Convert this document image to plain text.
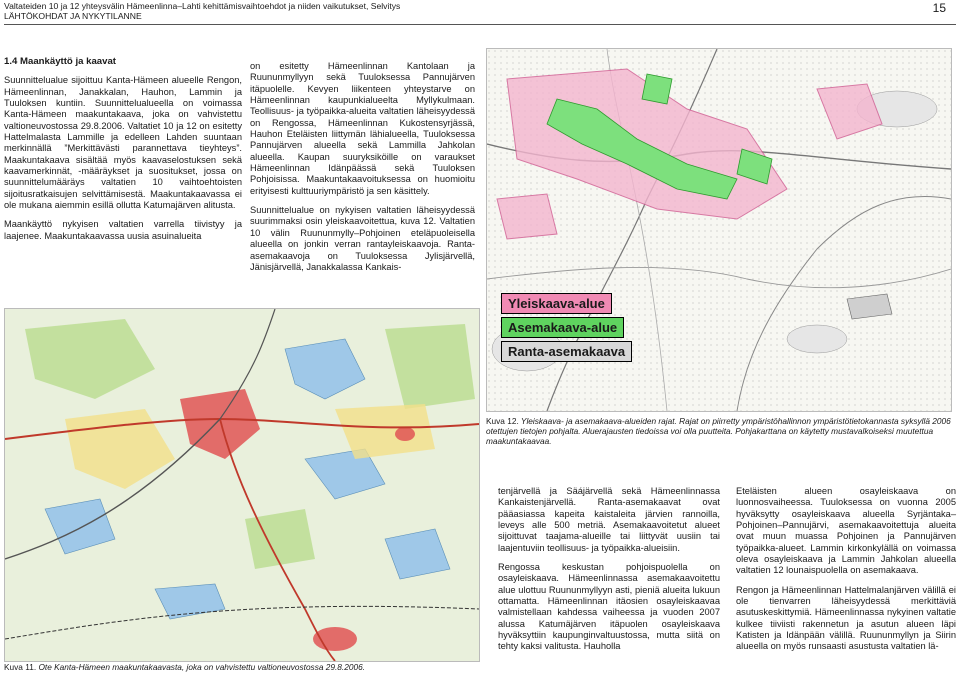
Valtateiden 10 ja 12 yhteysvälin Hämeenlinna–Lahti kehittämisvaihtoehdot ja niiden vaikutukset, Selvitys
LÄHTÖKOHDAT JA NYKYTILANNE
15
1.4 Maankäyttö ja kaavat

Suunnittelualue sijoittuu Kanta-Hämeen alueelle Rengon, Hämeenlinnan, Janakkalan, Hauhon, Lammin ja Tuuloksen kuntiin. Suunnittelualueella on voimassa Kanta-Hämeen maakuntakaava, joka on vahvistettu valtioneuvostossa 29.8.2006. Valtatiet 10 ja 12 on esitetty Hattelmalasta Lammille ja edelleen Lahden suuntaan merkinnällä ”Merkittävästi parannettava tieyhteys”. Maakuntakaava sisältää myös kaavaselostuksen sekä kaavamerkinnät, -määräykset ja suositukset, jossa on suunnittelumääräys valtatien 10 vaihtoehtoisten sijoitusratkaisujen selvittämisestä. Maakuntakaavassa ei ole mukana aiemmin esillä ollutta Katumajärven alitusta.

Maankäyttö nykyisen valtatien varrella tiivistyy ja laajenee. Maakuntakaavassa uusia asuinalueita

on esitetty Hämeenlinnan Kantolaan ja Ruununmyllyyn sekä Tuuloksessa Pannujärven itäpuolelle. Kevyen liikenteen yhteystarve on Hämeenlinnan kaupunkialueelta Myllykulmaan. Teollisuus- ja työpaikka-alueita valtatien läheisyydessä on Rengossa, Hämeenlinnan Kukostensyrjässä, Hauhon Eteläisten liittymän lähialueella, Tuuloksessa Pannujärven alueella sekä Lammilla Jahkolan alueella. Kaupan suuryksiköille on varaukset Hämeenlinnan Idänpäässä sekä Tuuloksen Pohjoisissa. Maakuntakaavoituksessa on huomioitu erityisesti kulttuuriympäristö ja sen käsittely.

Suunnittelualue on nykyisen valtatien läheisyydessä suurimmaksi osin yleiskaavoitettua, kuva 12. Valtatien 10 välin Ruununmylly–Pohjoinen eteläpuoleisella alueella on jonkin verran rantayleiskaavoja. Ranta-asemakaavoja on Tuuloksessa Jylisjärvellä, Jänisjärvellä, Janakkalassa Kankais-

Yleiskaava-alue
Asemakaava-alue
Ranta-asemakaava
Kuva 12. Yleiskaava- ja asemakaava-alueiden rajat. Rajat on piirretty ympäristöhallinnon ympäristötietokannasta syksyllä 2006 otettujen tietojen pohjalta. Aluerajausten tiedoissa voi olla puutteita. Pohjakarttana on käytetty mustavalkoiseksi muutettua maakuntakaavaa.
Kuva 11. Ote Kanta-Hämeen maakuntakaavasta, joka on vahvistettu valtioneuvostossa 29.8.2006.

tenjärvellä ja Säájärvellä sekä Hämeenlinnassa Kankaistenjärvellä. Ranta-asemakaavat ovat pääasiassa kapeita kaistaleita järvien rannoilla, leveys alle 500 metriä. Asemakaavoitetut alueet sijoittuvat taajama-alueille tai liittyvät uusiin tai laajentuviin teollisuus- ja työpaikka-alueisiin.

Rengossa keskustan pohjoispuolella on osayleiskaava. Hämeenlinnassa asemakaavoitettu alue ulottuu Ruununmyllyyn asti, pieniä alueita lukuun ottamatta. Hämeenlinnan itäosien osayleiskaavaa valmistellaan kahdessa vaiheessa ja vuoden 2007 alussa Katumäjärven itäpuolen osayleiskaava hyväksyttiin kaupunginvaltuustossa, mutta siitä on tehty kaksi valitusta. Hauholla

Eteläisten alueen osayleiskaava on luonnosvaiheessa. Tuuloksessa on vuonna 2005 hyväksytty osayleiskaava alueella Syrjäntaka–Pohjoinen–Pannujärvi, asemakaavoitettuja alueita ovat muun muassa Pohjoinen ja Pannujärven työpaikka-alueet. Lammin kirkonkylällä on voimassa oleva osayleiskaava ja Lammin Jahkolan alueella valtatien 12 lounaispuolella on asemakaava.

Rengon ja Hämeenlinnan Hattelmalanjärven välillä ei ole tienvarren läheisyydessä merkittäviä asutuskeskittymiä. Hämeenlinnassa nykyinen valtatie kulkee tiiviisti rakennetun ja asutun alueen läpi Katisten ja Idänpään välillä. Ruununmyllyn ja Siirin alueella on myös runsaasti asustusta valtatien lä-
